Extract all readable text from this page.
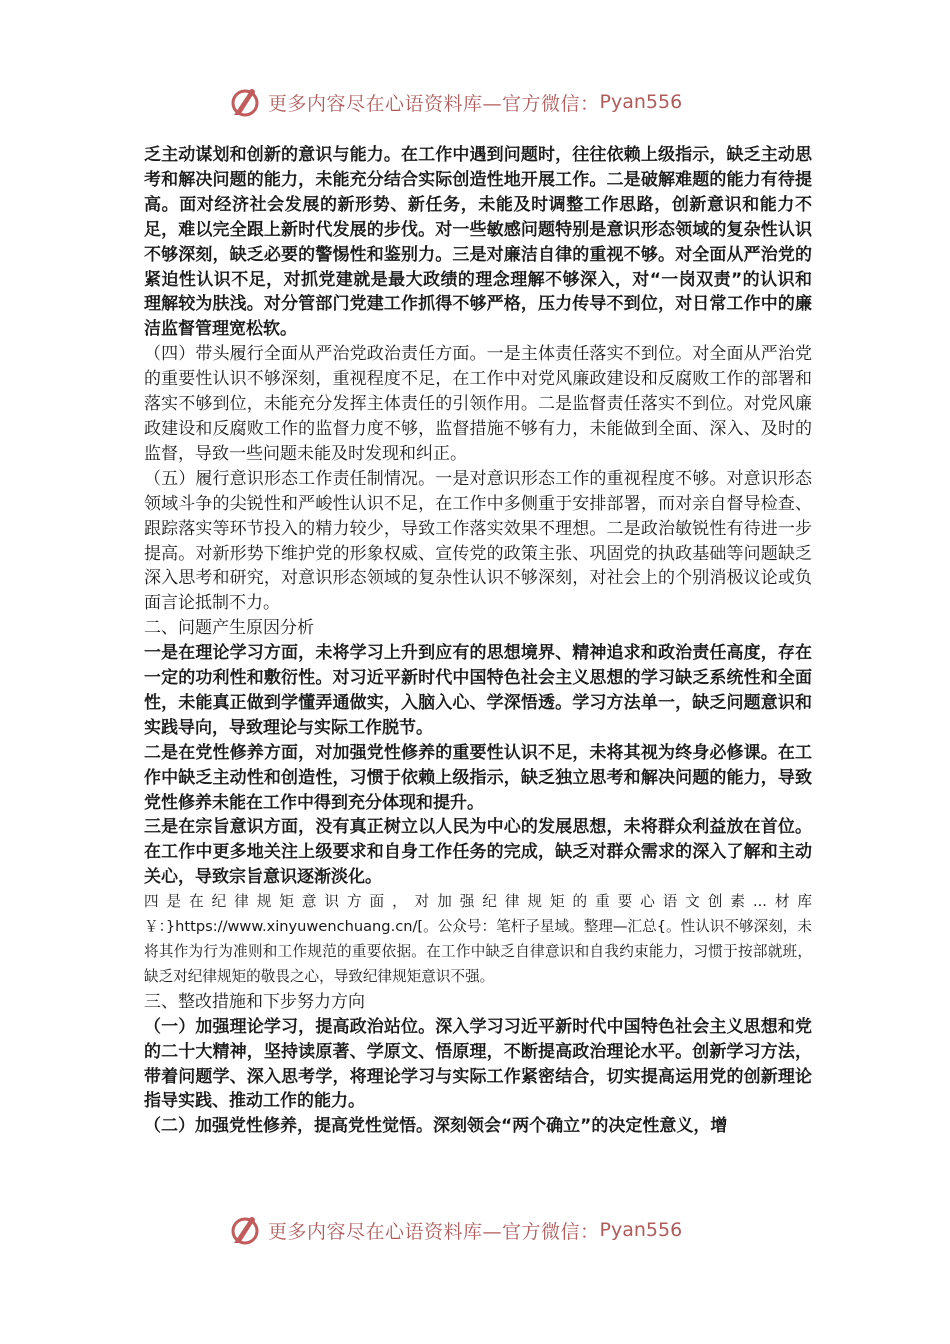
更多内容尽在心语资料库—官方微信： Pyan556

乏主动谋划和创新的意识与能力。在工作中遇到问题时，往往依赖上级指示，缺乏主动思考和解决问题的能力，未能充分结合实际创造性地开展工作。二是破解难题的能力有待提高。面对经济社会发展的新形势、新任务，未能及时调整工作思路，创新意识和能力不足，难以完全跟上新时代发展的步伐。对一些敏感问题特别是意识形态领域的复杂性认识不够深刻，缺乏必要的警惕性和鉴别力。三是对廉洁自律的重视不够。对全面从严治党的紧迫性认识不足，对抓党建就是最大政绩的理念理解不够深入，对“一岗双责”的认识和理解较为肤浅。对分管部门党建工作抓得不够严格，压力传导不到位，对日常工作中的廉洁监督管理宽松软。

（四）带头履行全面从严治党政治责任方面。一是主体责任落实不到位。对全面从严治党的重要性认识不够深刻，重视程度不足，在工作中对党风廉政建设和反腐败工作的部署和落实不够到位，未能充分发挥主体责任的引领作用。二是监督责任落实不到位。对党风廉政建设和反腐败工作的监督力度不够，监督措施不够有力，未能做到全面、深入、及时的监督，导致一些问题未能及时发现和纠正。

（五）履行意识形态工作责任制情况。一是对意识形态工作的重视程度不够。对意识形态领域斗争的尖锐性和严峻性认识不足，在工作中多侧重于安排部署，而对亲自督导检查、跟踪落实等环节投入的精力较少，导致工作落实效果不理想。二是政治敏锐性有待进一步提高。对新形势下维护党的形象权威、宣传党的政策主张、巩固党的执政基础等问题缺乏深入思考和研究，对意识形态领域的复杂性认识不够深刻，对社会上的个别消极议论或负面言论抵制不力。

二、问题产生原因分析

一是在理论学习方面，未将学习上升到应有的思想境界、精神追求和政治责任高度，存在一定的功利性和敷衍性。对习近平新时代中国特色社会主义思想的学习缺乏系统性和全面性，未能真正做到学懂弄通做实，入脑入心、学深悟透。学习方法单一，缺乏问题意识和实践导向，导致理论与实际工作脱节。

二是在党性修养方面，对加强党性修养的重要性认识不足，未将其视为终身必修课。在工作中缺乏主动性和创造性，习惯于依赖上级指示，缺乏独立思考和解决问题的能力，导致党性修养未能在工作中得到充分体现和提升。

三是在宗旨意识方面，没有真正树立以人民为中心的发展思想，未将群众利益放在首位。在工作中更多地关注上级要求和自身工作任务的完成，缺乏对群众需求的深入了解和主动关心，导致宗旨意识逐渐淡化。

四是在纪律规矩意识方面，对加强纪律规矩的重要心语文创素...材库￥：}https://www.xinyuwenchuang.cn/[。公众号：笔杆子星域。整理—汇总{。性认识不够深刻，未将其作为行为准则和工作规范的重要依据。在工作中缺乏自律意识和自我约束能力，习惯于按部就班，缺乏对纪律规矩的敬畏之心，导致纪律规矩意识不强。

三、整改措施和下步努力方向

（一）加强理论学习，提高政治站位。深入学习习近平新时代中国特色社会主义思想和党的二十大精神，坚持读原著、学原文、悟原理，不断提高政治理论水平。创新学习方法，带着问题学、深入思考学，将理论学习与实际工作紧密结合，切实提高运用党的创新理论指导实践、推动工作的能力。

（二）加强党性修养，提高党性觉悟。深刻领会“两个确立”的决定性意义，增

更多内容尽在心语资料库—官方微信： Pyan556
